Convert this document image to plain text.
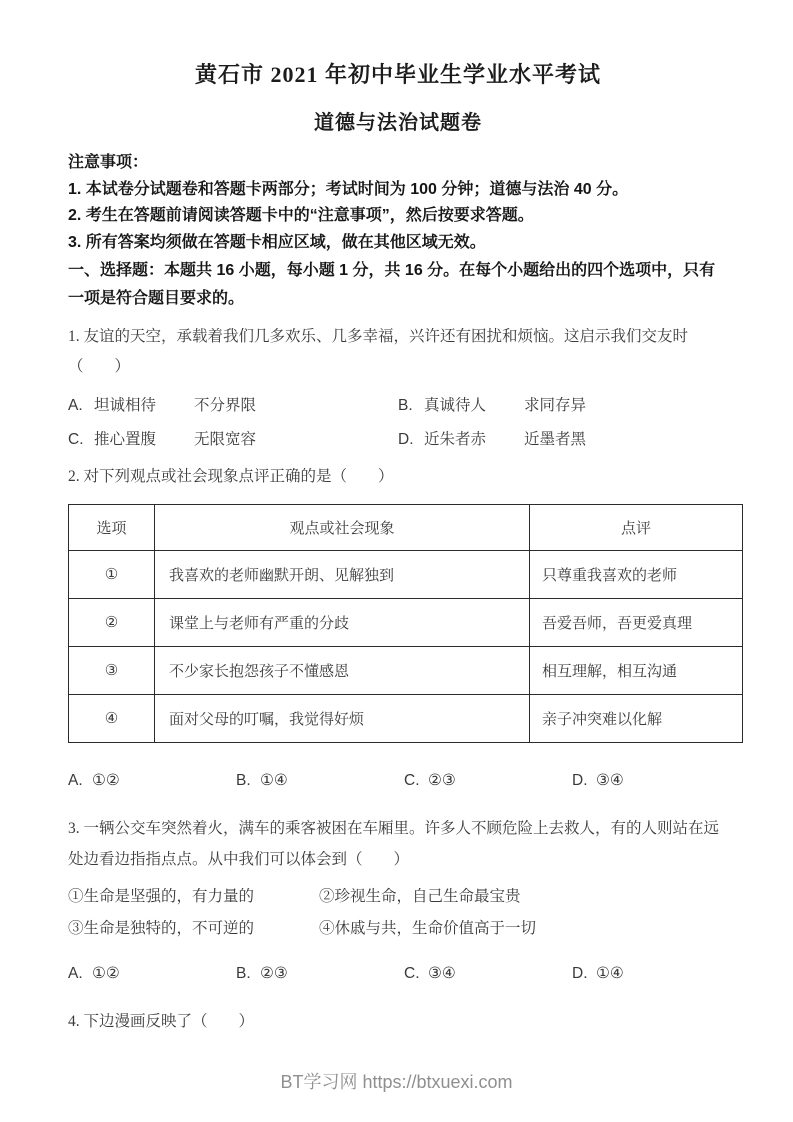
黄石市 2021 年初中毕业生学业水平考试
道德与法治试题卷

注意事项：

1. 本试卷分试题卷和答题卡两部分；考试时间为 100 分钟；道德与法治 40 分。

2. 考生在答题前请阅读答题卡中的“注意事项”，然后按要求答题。

3. 所有答案均须做在答题卡相应区域，做在其他区域无效。

一、选择题：本题共 16 小题，每小题 1 分，共 16 分。在每个小题给出的四个选项中，只有一项是符合题目要求的。

1. 友谊的天空，承载着我们几多欢乐、几多幸福，兴许还有困扰和烦恼。这启示我们交友时（　　）

A. 坦诚相待	不分界限	B. 真诚待人	求同存异
C. 推心置腹	无限宽容	D. 近朱者赤	近墨者黑

2. 对下列观点或社会现象点评正确的是（　　）

选项	观点或社会现象	点评
①	我喜欢的老师幽默开朗、见解独到	只尊重我喜欢的老师
②	课堂上与老师有严重的分歧	吾爱吾师，吾更爱真理
③	不少家长抱怨孩子不懂感恩	相互理解，相互沟通
④	面对父母的叮嘱，我觉得好烦	亲子冲突难以化解
A. ①②	B. ①④	C. ②③	D. ③④

3. 一辆公交车突然着火，满车的乘客被困在车厢里。许多人不顾危险上去救人，有的人则站在远处边看边指指点点。从中我们可以体会到（　　）

①生命是坚强的，有力量的	②珍视生命，自己生命最宝贵
③生命是独特的，不可逆的	④休戚与共，生命价值高于一切
A. ①②	B. ②③	C. ③④	D. ①④

4. 下边漫画反映了（　　）

BT学习网 https://btxuexi.com
